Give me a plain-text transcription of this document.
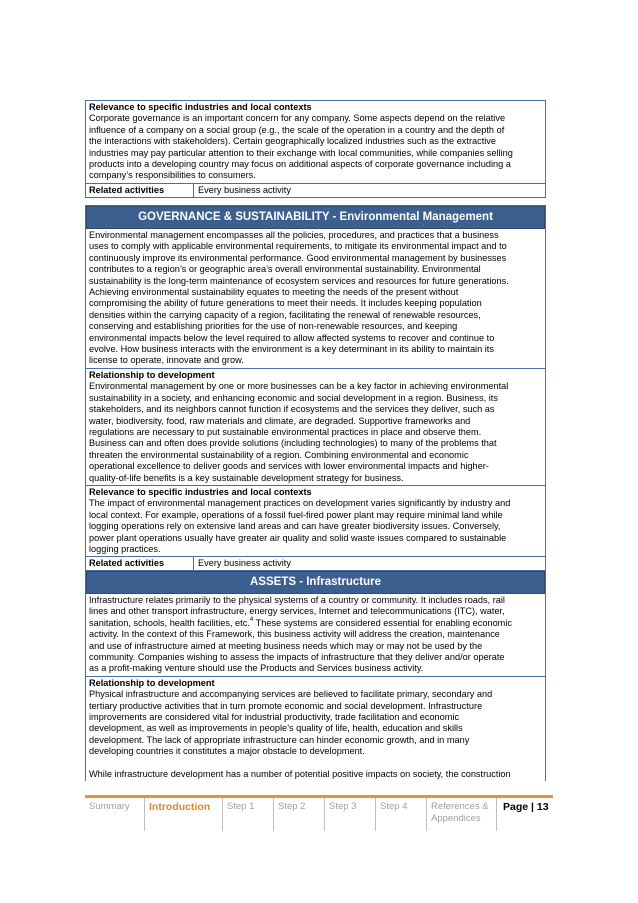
Relevance to specific industries and local contexts

Corporate governance is an important concern for any company. Some aspects depend on the relative

influence of a company on a social group (e.g., the scale of the operation in a country and the depth of

the interactions with stakeholders). Certain geographically localized industries such as the extractive

industries may pay particular attention to their exchange with local communities, while companies selling

products into a developing country may focus on additional aspects of corporate governance including a

company’s responsibilities to consumers.

Related activities	Every business activity
GOVERNANCE & SUSTAINABILITY - Environmental Management

Environmental management encompasses all the policies, procedures, and practices that a business

uses to comply with applicable environmental requirements, to mitigate its environmental impact and to

continuously improve its environmental performance. Good environmental management by businesses

contributes to a region’s or geographic area’s overall environmental sustainability. Environmental

sustainability is the long-term maintenance of ecosystem services and resources for future generations.

Achieving environmental sustainability equates to meeting the needs of the present without

compromising the ability of future generations to meet their needs. It includes keeping population

densities within the carrying capacity of a region, facilitating the renewal of renewable resources,

conserving and establishing priorities for the use of non-renewable resources, and keeping

environmental impacts below the level required to allow affected systems to recover and continue to

evolve. How business interacts with the environment is a key determinant in its ability to maintain its

license to operate, innovate and grow.

Relationship to development

Environmental management by one or more businesses can be a key factor in achieving environmental

sustainability in a society, and enhancing economic and social development in a region. Business, its

stakeholders, and its neighbors cannot function if ecosystems and the services they deliver, such as

water, biodiversity, food, raw materials and climate, are degraded. Supportive frameworks and

regulations are necessary to put sustainable environmental practices in place and observe them.

Business can and often does provide solutions (including technologies) to many of the problems that

threaten the environmental sustainability of a region. Combining environmental and economic

operational excellence to deliver goods and services with lower environmental impacts and higher-

quality-of-life benefits is a key sustainable development strategy for business.

Relevance to specific industries and local contexts

The impact of environmental management practices on development varies significantly by industry and

local context. For example, operations of a fossil fuel-fired power plant may require minimal land while

logging operations rely on extensive land areas and can have greater biodiversity issues. Conversely,

power plant operations usually have greater air quality and solid waste issues compared to sustainable

logging practices.

Related activities	Every business activity
ASSETS - Infrastructure

Infrastructure relates primarily to the physical systems of a country or community. It includes roads, rail

lines and other transport infrastructure, energy services, Internet and telecommunications (ITC), water,

sanitation, schools, health facilities, etc.$^4$ These systems are considered essential for enabling economic

activity. In the context of this Framework, this business activity will address the creation, maintenance

and use of infrastructure aimed at meeting business needs which may or may not be used by the

community. Companies wishing to assess the impacts of infrastructure that they deliver and/or operate

as a profit-making venture should use the Products and Services business activity.

Relationship to development

Physical infrastructure and accompanying services are believed to facilitate primary, secondary and

tertiary productive activities that in turn promote economic and social development. Infrastructure

improvements are considered vital for industrial productivity, trade facilitation and economic

development, as well as improvements in people’s quality of life, health, education and skills

development. The lack of appropriate infrastructure can hinder economic growth, and in many

developing countries it constitutes a major obstacle to development.

While infrastructure development has a number of potential positive impacts on society, the construction

Summary	Introduction	Step 1	Step 2	Step 3	Step 4	References & Appendices
Page | 13
